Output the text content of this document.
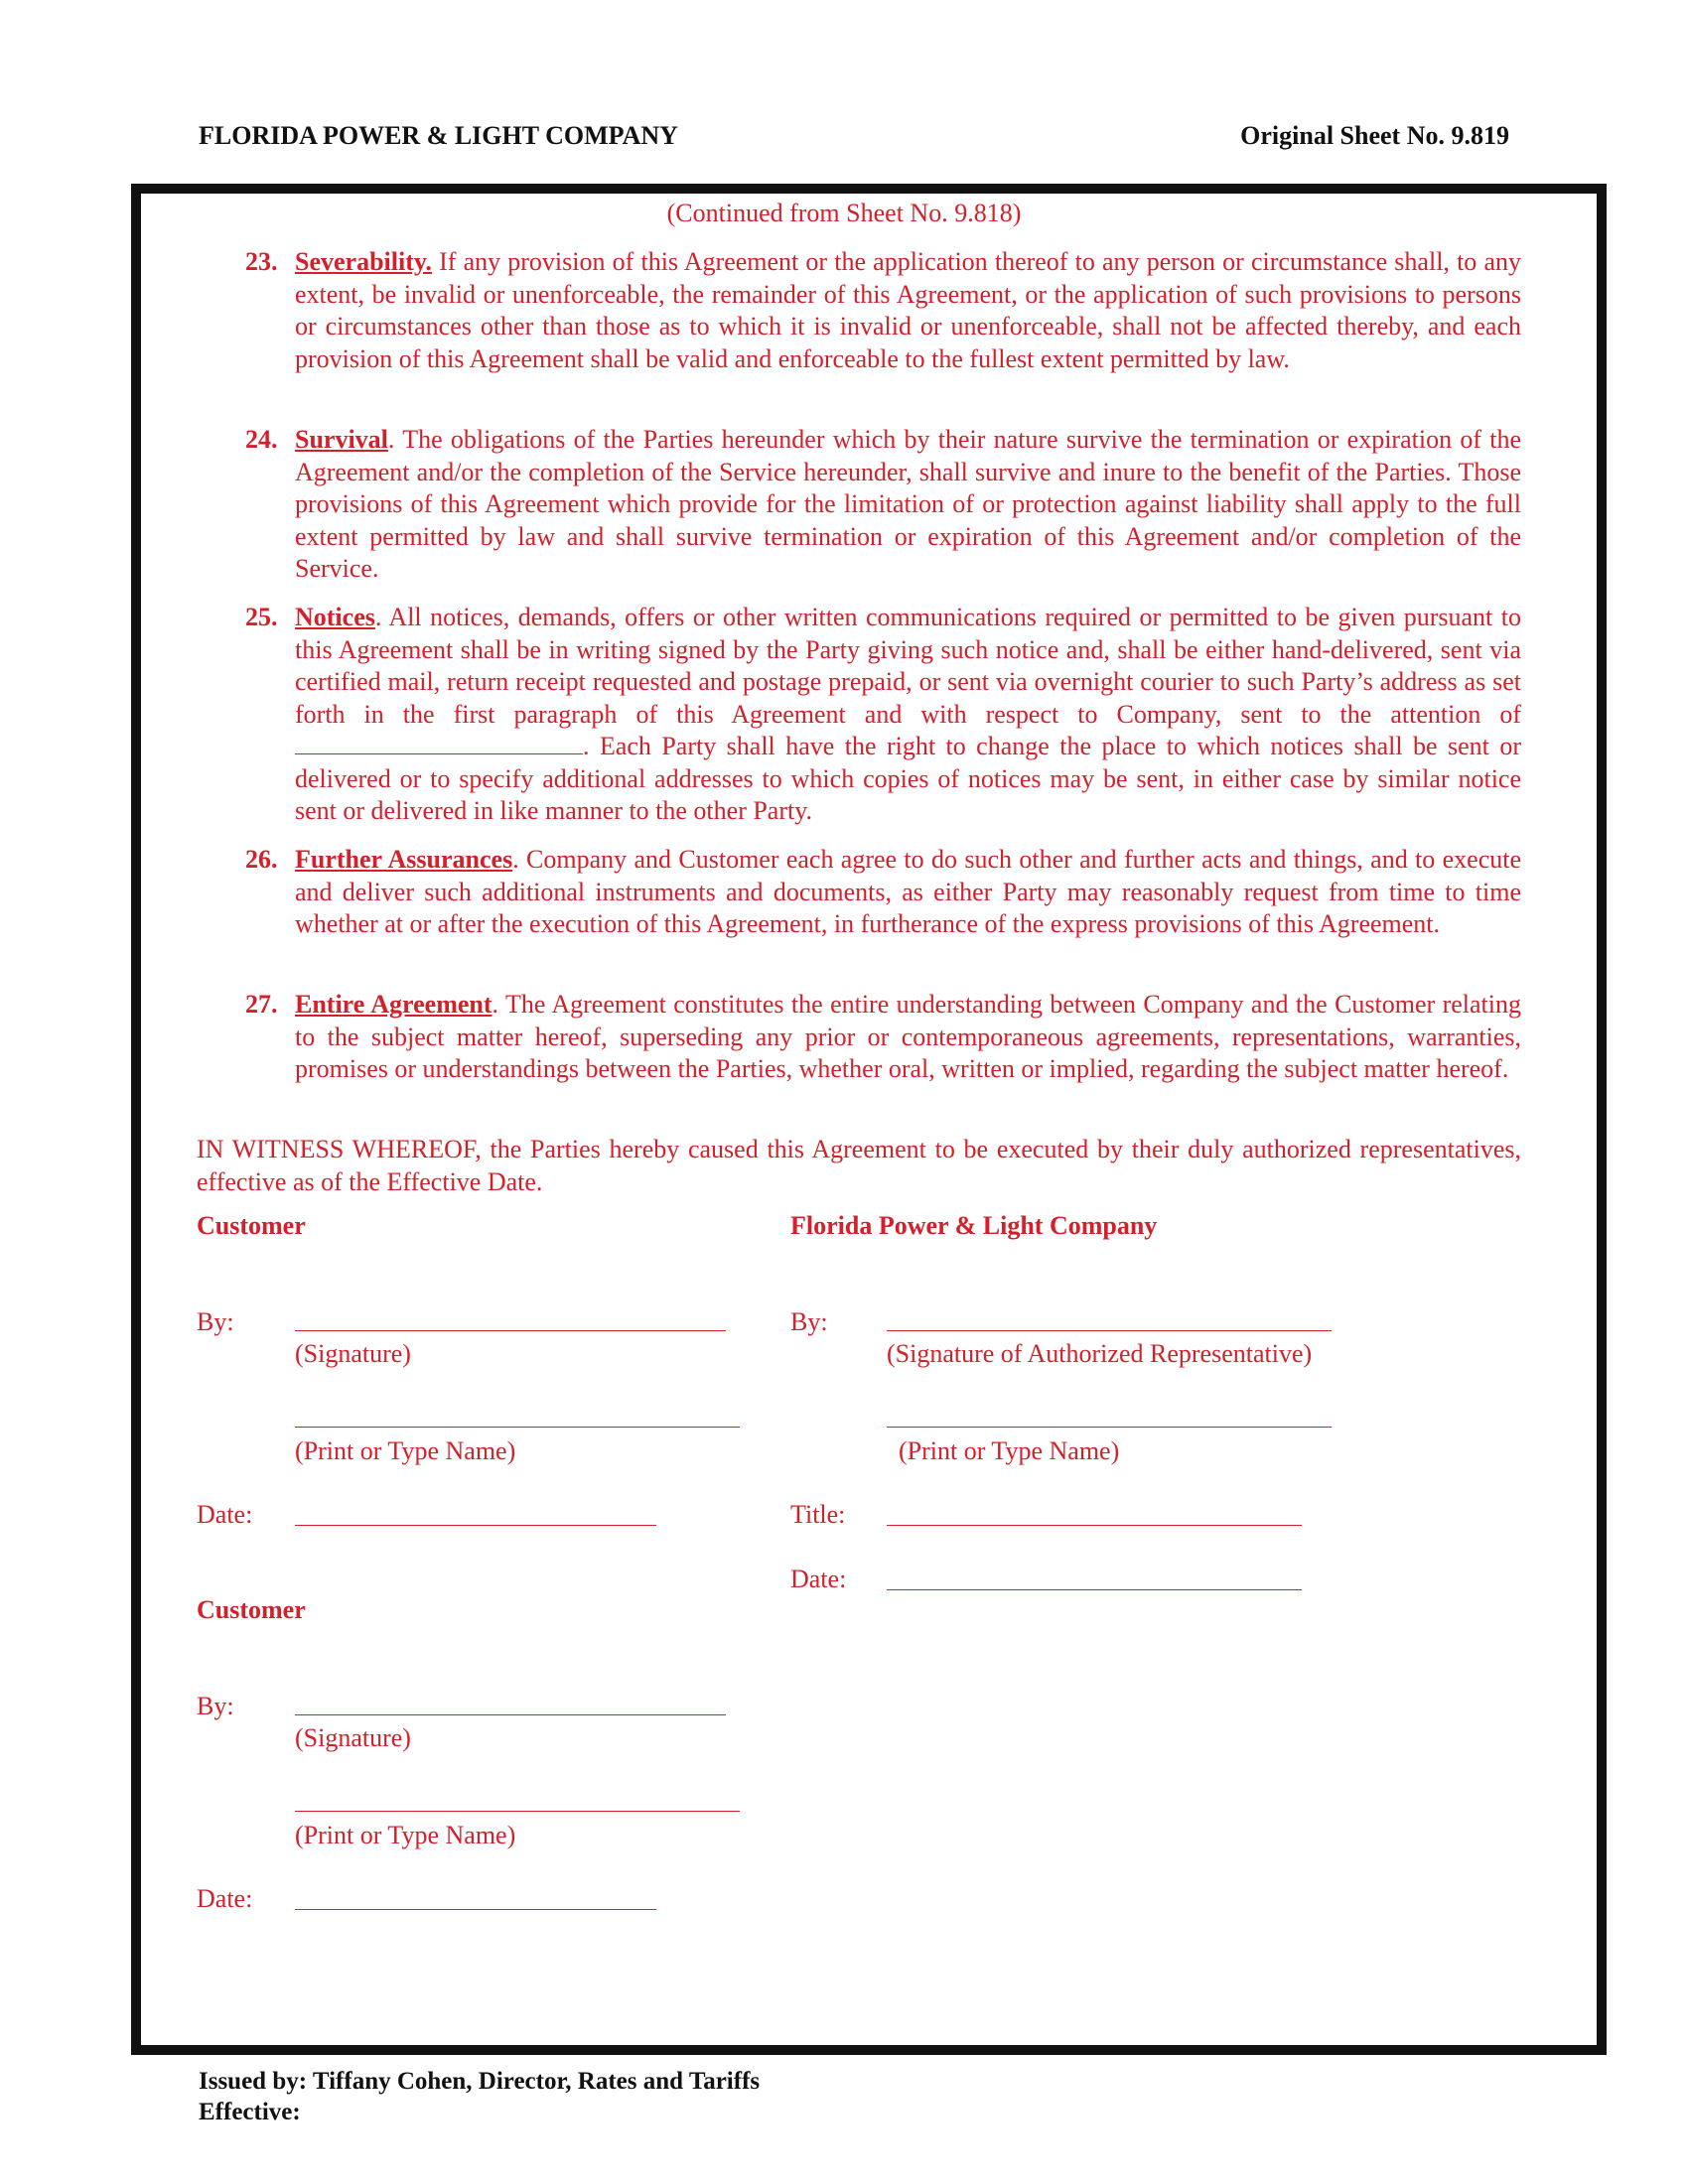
FLORIDA POWER & LIGHT COMPANY	Original Sheet No. 9.819
(Continued from Sheet No. 9.818)
23. Severability. If any provision of this Agreement or the application thereof to any person or circumstance shall, to any extent, be invalid or unenforceable, the remainder of this Agreement, or the application of such provisions to persons or circumstances other than those as to which it is invalid or unenforceable, shall not be affected thereby, and each provision of this Agreement shall be valid and enforceable to the fullest extent permitted by law.
24. Survival. The obligations of the Parties hereunder which by their nature survive the termination or expiration of the Agreement and/or the completion of the Service hereunder, shall survive and inure to the benefit of the Parties. Those provisions of this Agreement which provide for the limitation of or protection against liability shall apply to the full extent permitted by law and shall survive termination or expiration of this Agreement and/or completion of the Service.
25. Notices. All notices, demands, offers or other written communications required or permitted to be given pursuant to this Agreement shall be in writing signed by the Party giving such notice and, shall be either hand-delivered, sent via certified mail, return receipt requested and postage prepaid, or sent via overnight courier to such Party’s address as set forth in the first paragraph of this Agreement and with respect to Company, sent to the attention of . Each Party shall have the right to change the place to which notices shall be sent or delivered or to specify additional addresses to which copies of notices may be sent, in either case by similar notice sent or delivered in like manner to the other Party.
26. Further Assurances. Company and Customer each agree to do such other and further acts and things, and to execute and deliver such additional instruments and documents, as either Party may reasonably request from time to time whether at or after the execution of this Agreement, in furtherance of the express provisions of this Agreement.
27. Entire Agreement. The Agreement constitutes the entire understanding between Company and the Customer relating to the subject matter hereof, superseding any prior or contemporaneous agreements, representations, warranties, promises or understandings between the Parties, whether oral, written or implied, regarding the subject matter hereof.
IN WITNESS WHEREOF, the Parties hereby caused this Agreement to be executed by their duly authorized representatives, effective as of the Effective Date.
Customer
By:
(Signature)
(Print or Type Name)
Date:
Customer
By:
(Signature)
(Print or Type Name)
Date:
Florida Power & Light Company
By:
(Signature of Authorized Representative)
(Print or Type Name)
Title:
Date:
Issued by: Tiffany Cohen, Director, Rates and Tariffs
Effective:
